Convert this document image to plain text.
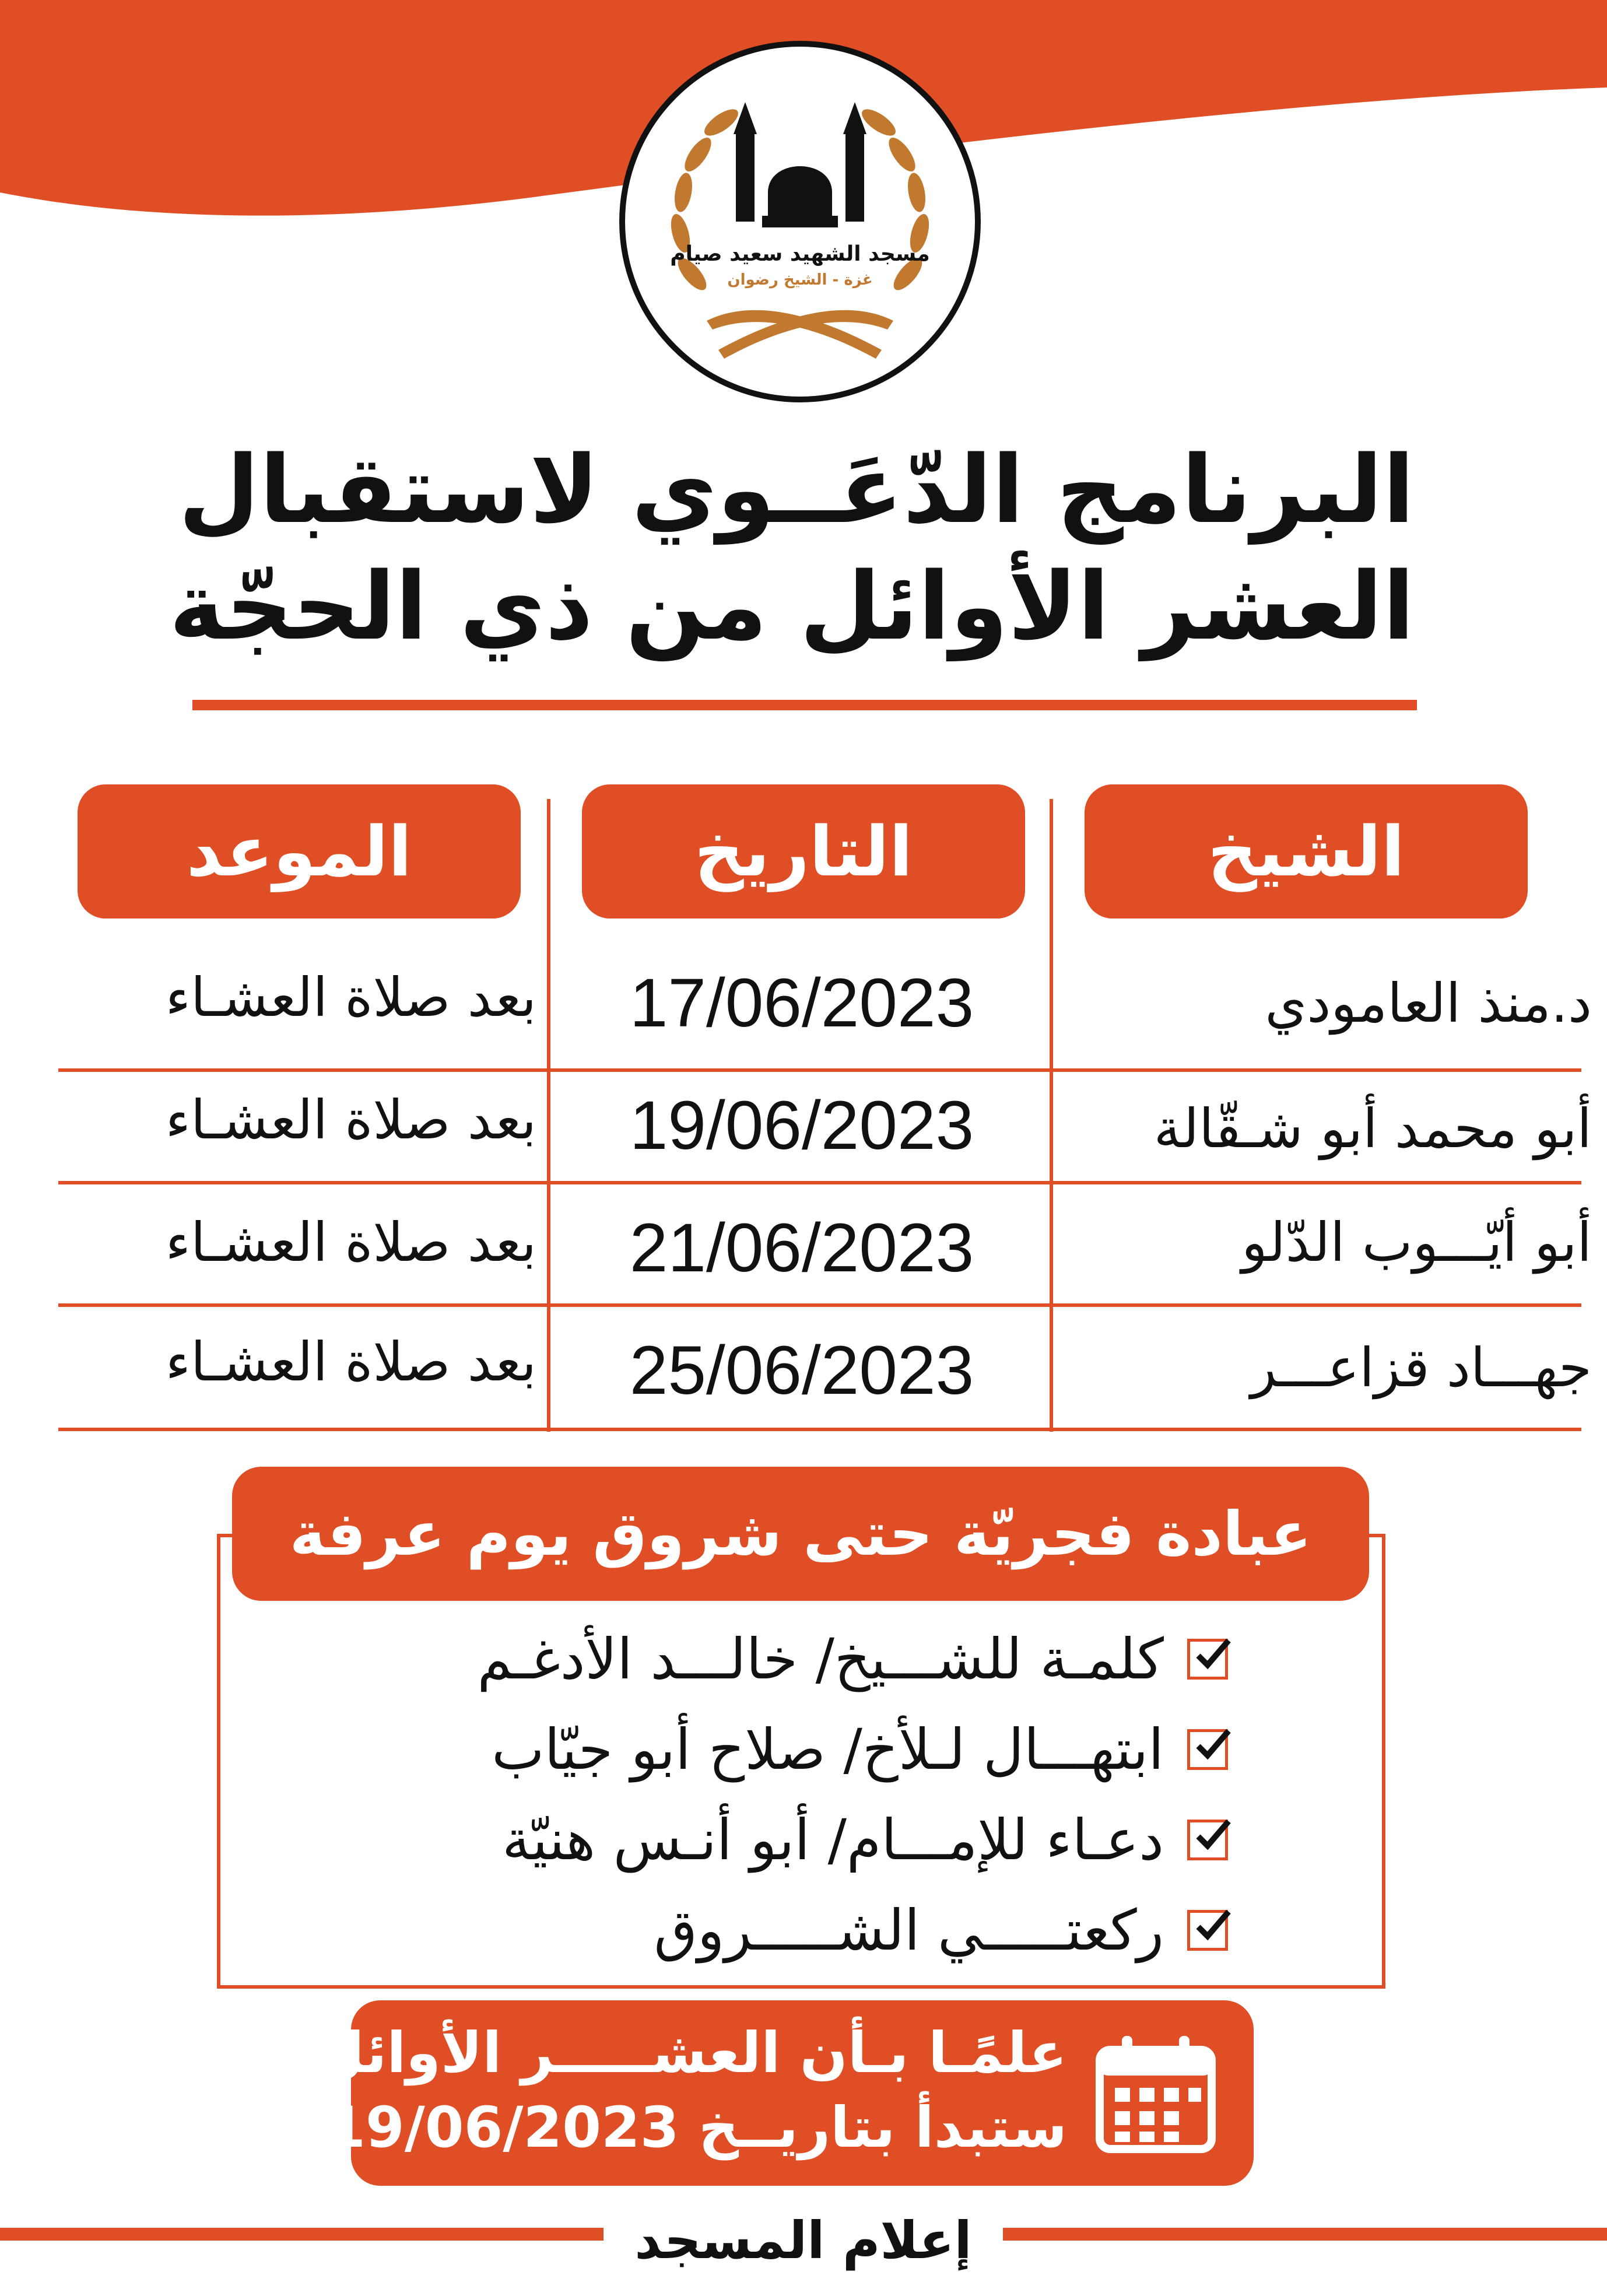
مسجد الشهيد سعيد صيام
غزة - الشيخ رضوان
البرنامج الدّعَــوي لاستقبال
العشر الأوائل من ذي الحجّة
الشيخ
التاريخ
الموعد
د.منذ العامودي
17/06/2023
بعد صلاة العشـاء
أبو محمد أبو شـقّالة
19/06/2023
بعد صلاة العشـاء
أبو أيّـــوب الدّلو
21/06/2023
بعد صلاة العشـاء
جهـــاد قزاعـــر
25/06/2023
بعد صلاة العشـاء
عبادة فجريّة حتى شروق يوم عرفة
كلمـة للشـــيخ/ خالـــد الأدغـم
ابتهـــال لـلأخ/ صلاح أبو جيّاب
دعـاء للإمـــام/ أبو أنـس هنيّة
ركعتـــــي الشـــــروق
علمًـا بـأن العشـــــر الأوائل
ستبدأ بتاريــخ 19/06/2023
إعلام المسجد
